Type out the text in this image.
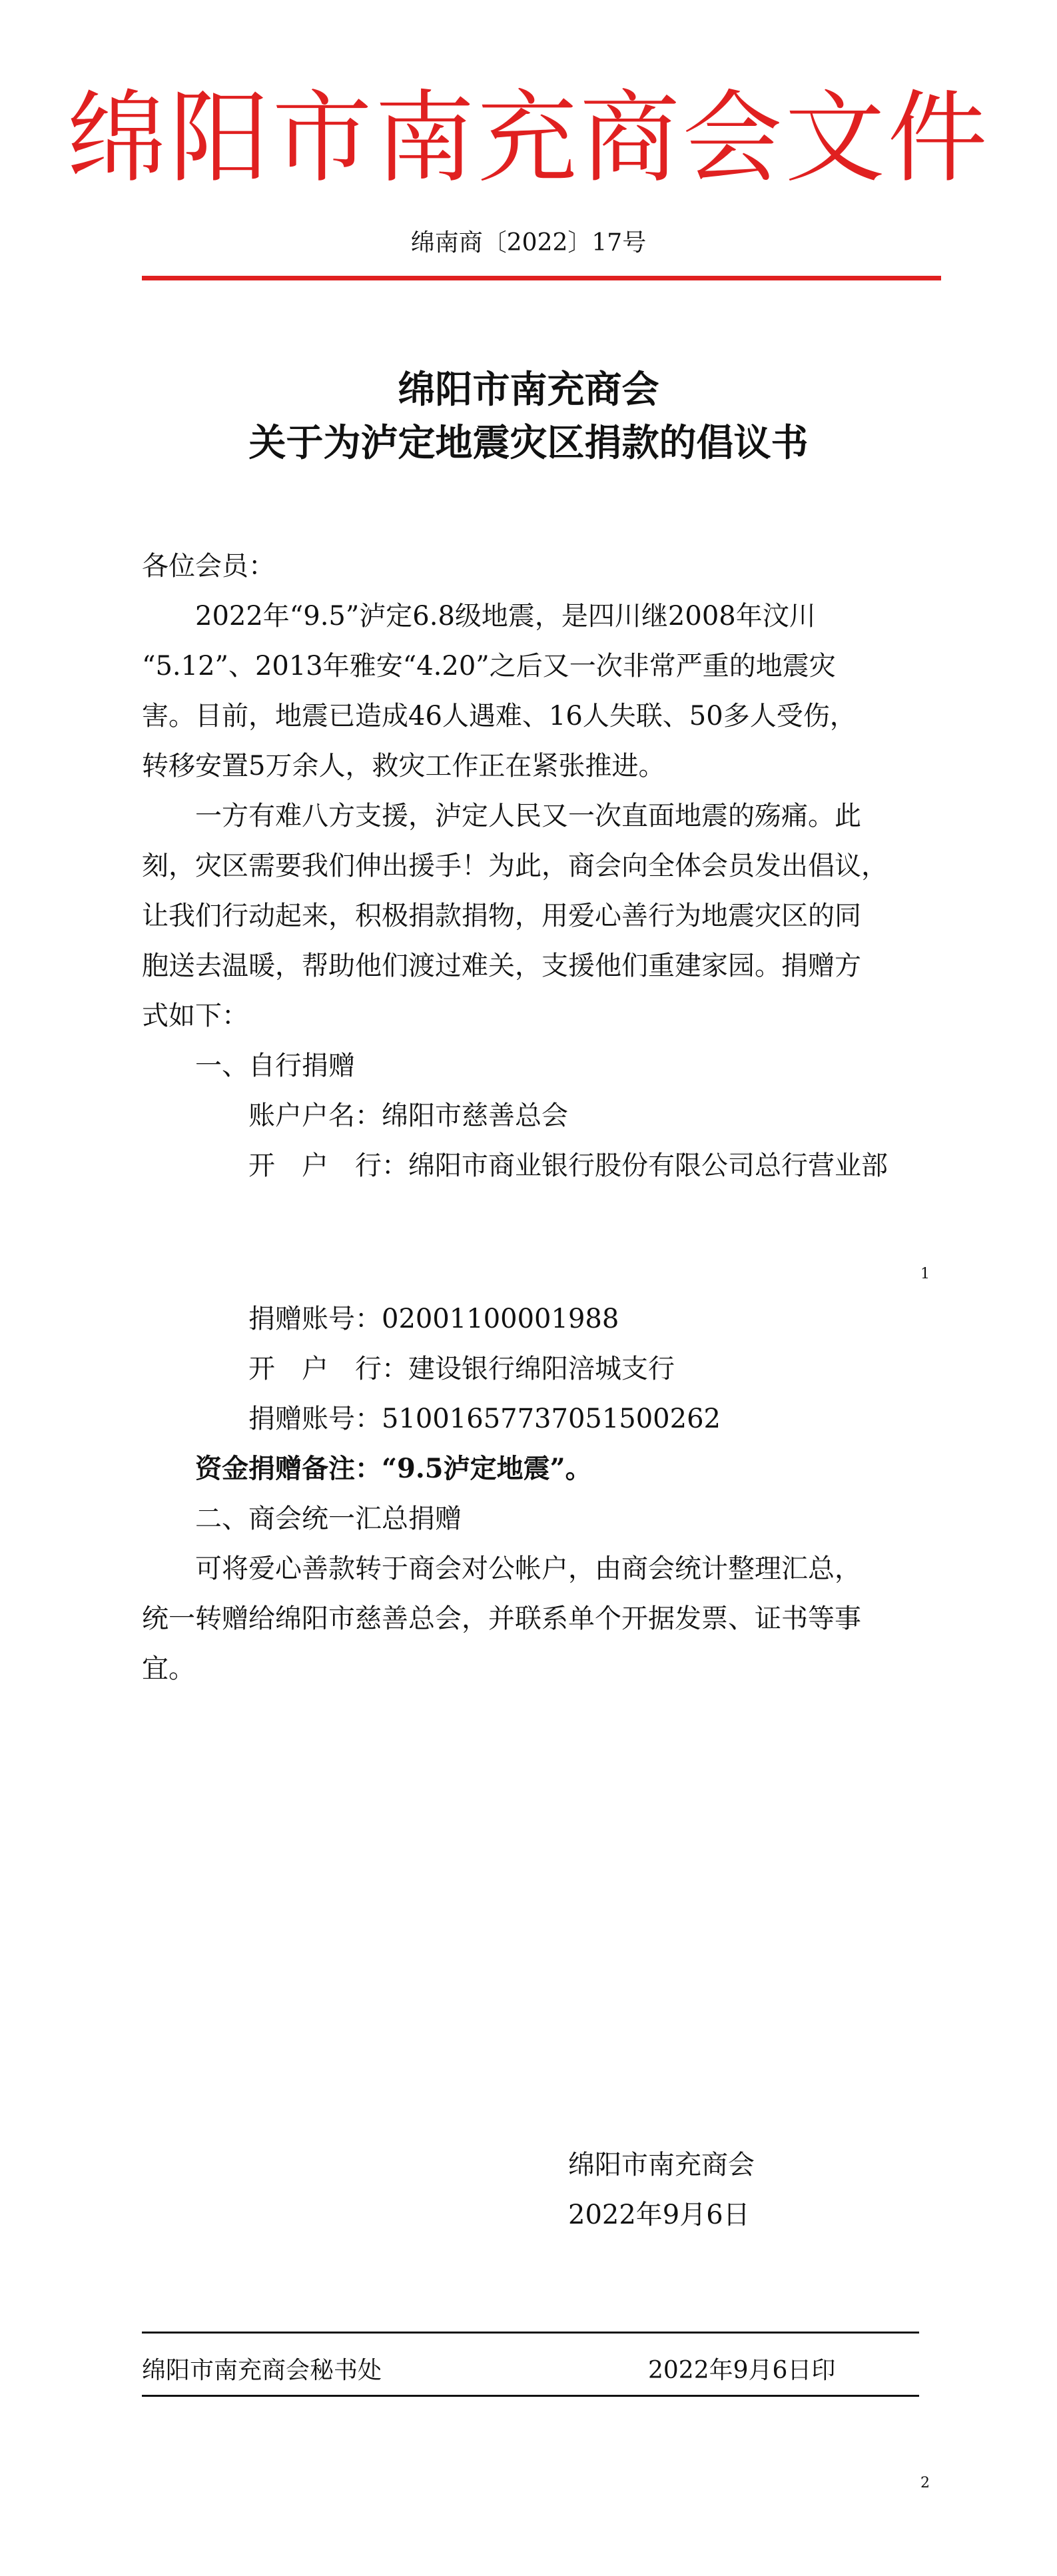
绵阳市南充商会文件
绵南商〔2022〕17号
绵阳市南充商会
关于为泸定地震灾区捐款的倡议书
各位会员：
2022年“9.5”泸定6.8级地震，是四川继2008年汶川
“5.12”、2013年雅安“4.20”之后又一次非常严重的地震灾
害。目前，地震已造成46人遇难、16人失联、50多人受伤，
转移安置5万余人，救灾工作正在紧张推进。
一方有难八方支援，泸定人民又一次直面地震的殇痛。此
刻，灾区需要我们伸出援手！为此，商会向全体会员发出倡议，
让我们行动起来，积极捐款捐物，用爱心善行为地震灾区的同
胞送去温暖，帮助他们渡过难关，支援他们重建家园。捐赠方
式如下：
一、自行捐赠
账户户名：绵阳市慈善总会
开　户　行：绵阳市商业银行股份有限公司总行营业部
1
捐赠账号：02001100001988
开　户　行：建设银行绵阳涪城支行
捐赠账号：51001657737051500262
资金捐赠备注：“9.5泸定地震”。
二、商会统一汇总捐赠
可将爱心善款转于商会对公帐户，由商会统计整理汇总，
统一转赠给绵阳市慈善总会，并联系单个开据发票、证书等事
宜。
绵阳市南充商会
2022年9月6日
绵阳市南充商会秘书处	2022年9月6日印
2
